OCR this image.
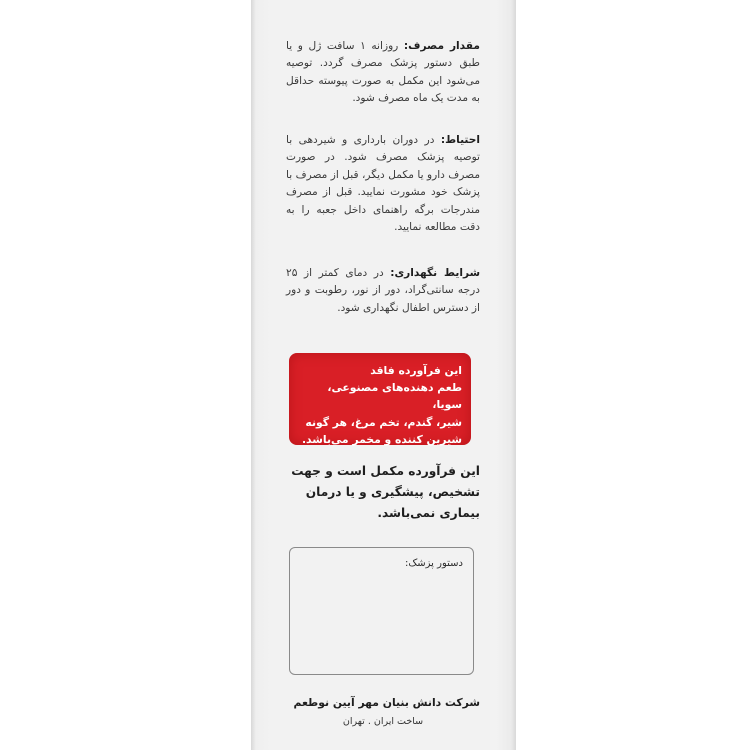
مقدار مصرف: روزانه ۱ سافت ژل و یا طبق دستور پزشک مصرف گردد. توصیه می‌شود این مکمل به صورت پیوسته حداقل به مدت یک ماه مصرف شود.

احتیاط: در دوران بارداری و شیردهی با توصیه پزشک مصرف شود. در صورت مصرف دارو یا مکمل دیگر، قبل از مصرف با پزشک خود مشورت نمایید. قبل از مصرف مندرجات برگه راهنمای داخل جعبه را به دقت مطالعه نمایید.

شرایط نگهداری: در دمای کمتر از ۲۵ درجه سانتی‌گراد، دور از نور، رطوبت و دور از دسترس اطفال نگهداری شود.

این فرآورده فاقد
طعم دهنده‌های مصنوعی، سویا،
شیر، گندم، تخم مرغ، هر گونه
شیرین کننده و مخمر می‌باشد.
این فرآورده مکمل است و جهت تشخیص، پیشگیری و یا درمان بیماری نمی‌باشد.
دستور پزشک:
شرکت دانش بنیان مهر آیین نوطعم
ساخت ایران . تهران
